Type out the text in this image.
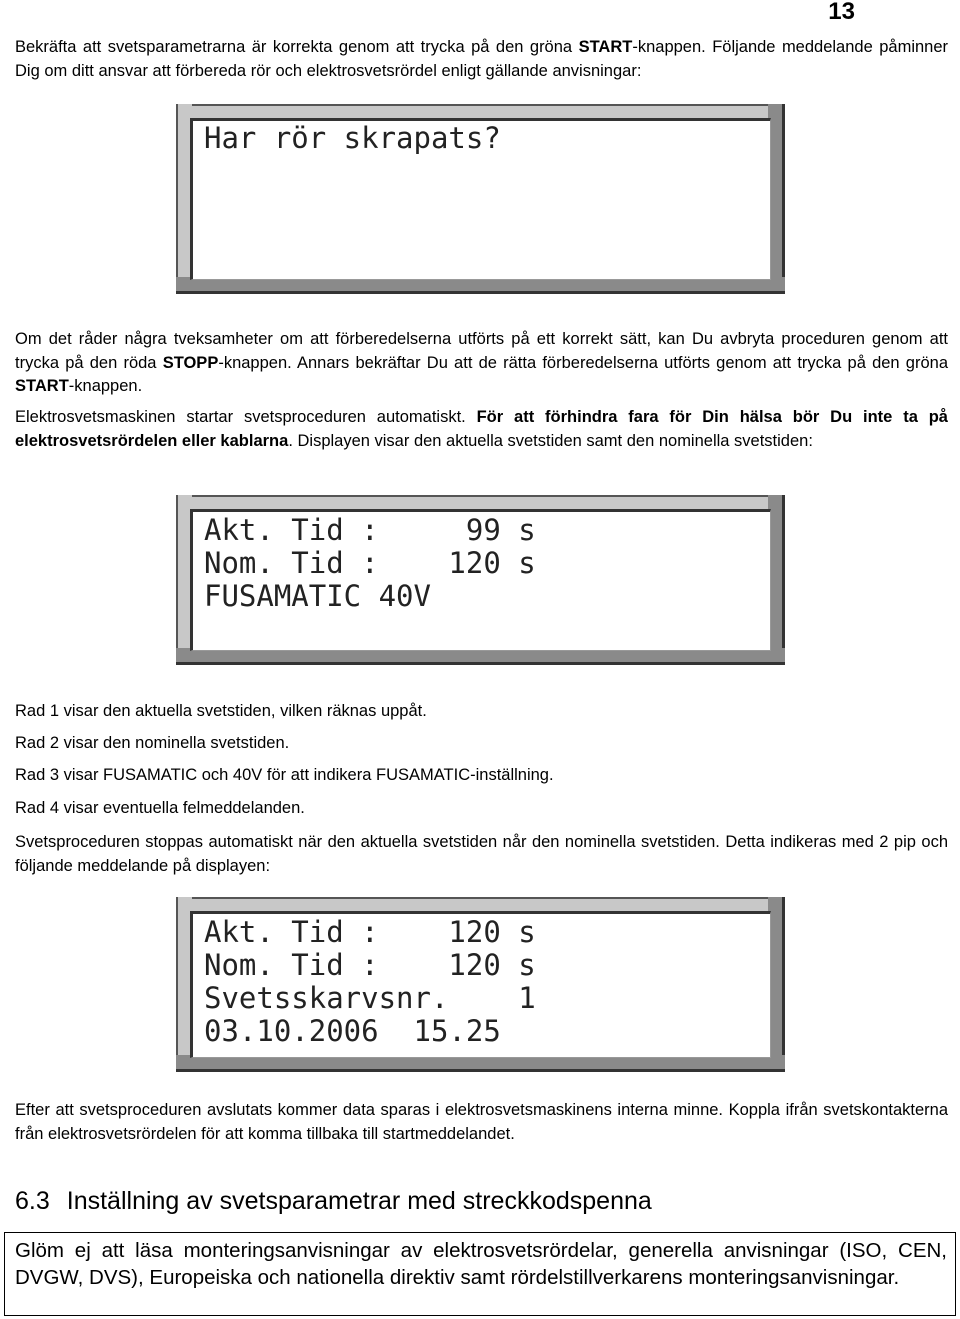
13
Bekräfta att svetsparametrarna är korrekta genom att trycka på den gröna START-knappen. Följande meddelande påminner Dig om ditt ansvar att förbereda rör och elektrosvetsrördel enligt gällande anvisningar:
Har rör skrapats?
Om det råder några tveksamheter om att förberedelserna utförts på ett korrekt sätt, kan Du avbryta proceduren genom att trycka på den röda STOPP-knappen. Annars bekräftar Du att de rätta förberedelserna utförts genom att trycka på den gröna START-knappen.
Elektrosvetsmaskinen startar svetsproceduren automatiskt. För att förhindra fara för Din hälsa bör Du inte ta på elektrosvetsrördelen eller kablarna. Displayen visar den aktuella svetstiden samt den nominella svetstiden:
Akt. Tid :     99 s
Nom. Tid :    120 s
FUSAMATIC 40V
Rad 1 visar den aktuella svetstiden, vilken räknas uppåt.
Rad 2 visar den nominella svetstiden.
Rad 3 visar FUSAMATIC och 40V för att indikera FUSAMATIC-inställning.
Rad 4 visar eventuella felmeddelanden.
Svetsproceduren stoppas automatiskt när den aktuella svetstiden når den nominella svetstiden. Detta indikeras med 2 pip och följande meddelande på displayen:
Akt. Tid :    120 s
Nom. Tid :    120 s
Svetsskarvsnr.    1
03.10.2006  15.25
Efter att svetsproceduren avslutats kommer data sparas i elektrosvetsmaskinens interna minne. Koppla ifrån svetskontakterna från elektrosvetsrördelen för att komma tillbaka till startmeddelandet.
6.3 Inställning av svetsparametrar med streckkodspenna
Glöm ej att läsa monteringsanvisningar av elektrosvetsrördelar, generella anvisningar (ISO, CEN, DVGW, DVS), Europeiska och nationella direktiv samt rördelstillverkarens monteringsanvisningar.
